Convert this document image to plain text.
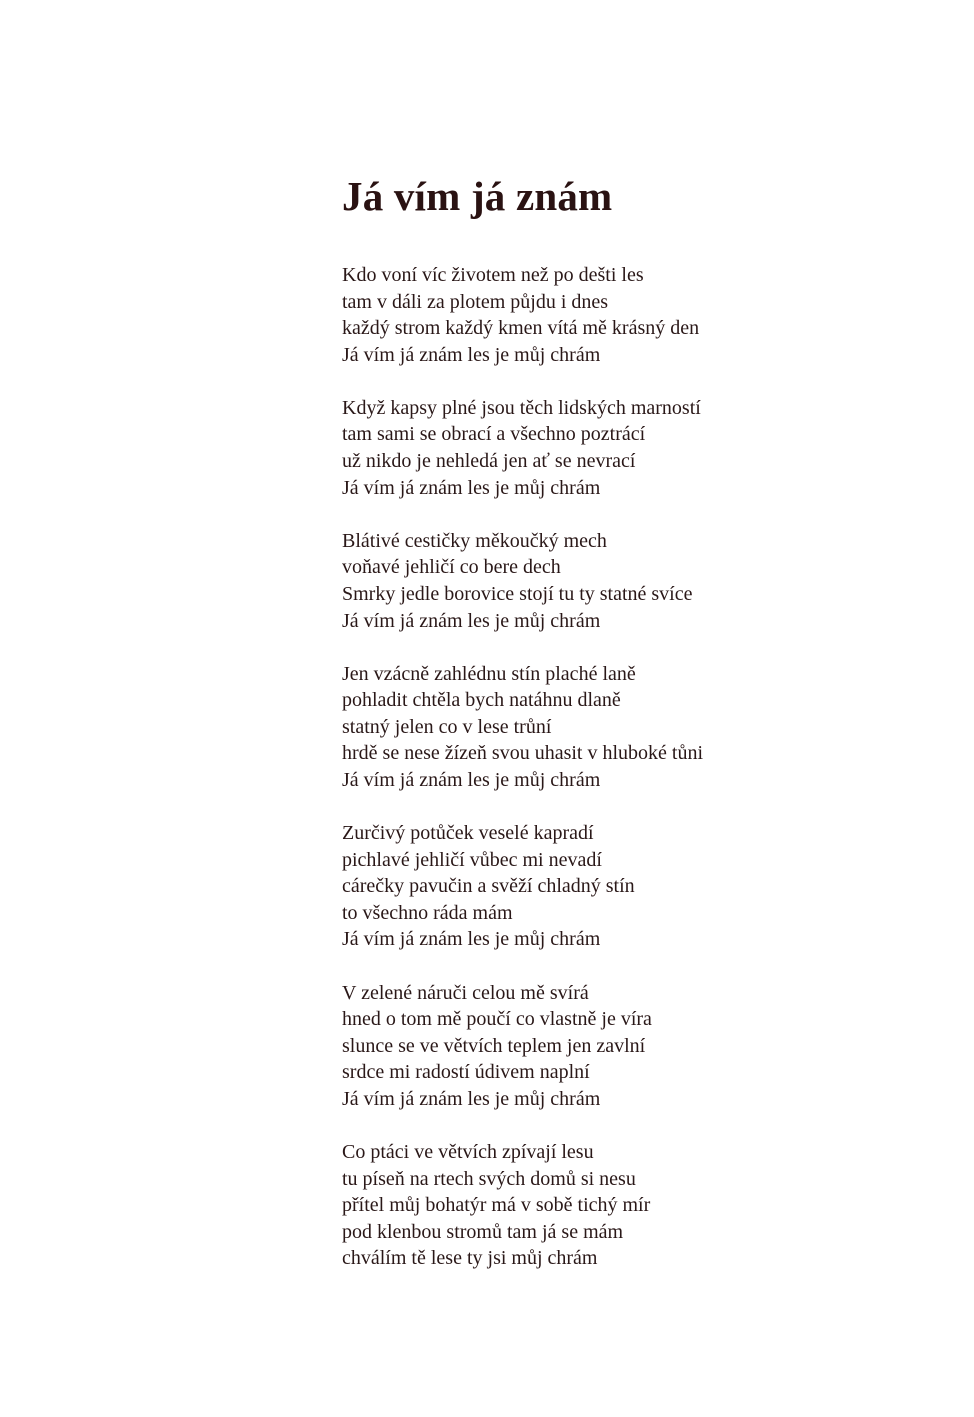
Já vím já znám
Kdo voní víc životem než po dešti les
tam v dáli za plotem půjdu i dnes
každý strom každý kmen vítá mě krásný den
Já vím já znám les je můj chrám
Když kapsy plné jsou těch lidských marností
tam sami se obrací a všechno poztrácí
už nikdo je nehledá jen ať se nevrací
Já vím já znám les je můj chrám
Blátivé cestičky měkoučký mech
voňavé jehličí co bere dech
Smrky jedle borovice stojí tu ty statné svíce
Já vím já znám les je můj chrám
Jen vzácně zahlédnu stín plaché laně
pohladit chtěla bych natáhnu dlaně
statný jelen co v lese trůní
hrdě se nese žízeň svou uhasit v hluboké tůni
Já vím já znám les je můj chrám
Zurčivý potůček veselé kapradí
pichlavé jehličí vůbec mi nevadí
cárečky pavučin a svěží chladný stín
to všechno ráda mám
Já vím já znám les je můj chrám
V zelené náruči celou mě svírá
hned o tom mě poučí co vlastně je víra
slunce se ve větvích teplem jen zavlní
srdce mi radostí údivem naplní
Já vím já znám les je můj chrám
Co ptáci ve větvích zpívají lesu
tu píseň na rtech svých domů si nesu
přítel můj bohatýr má v sobě tichý mír
pod klenbou stromů tam já se mám
chválím tě lese ty jsi můj chrám
